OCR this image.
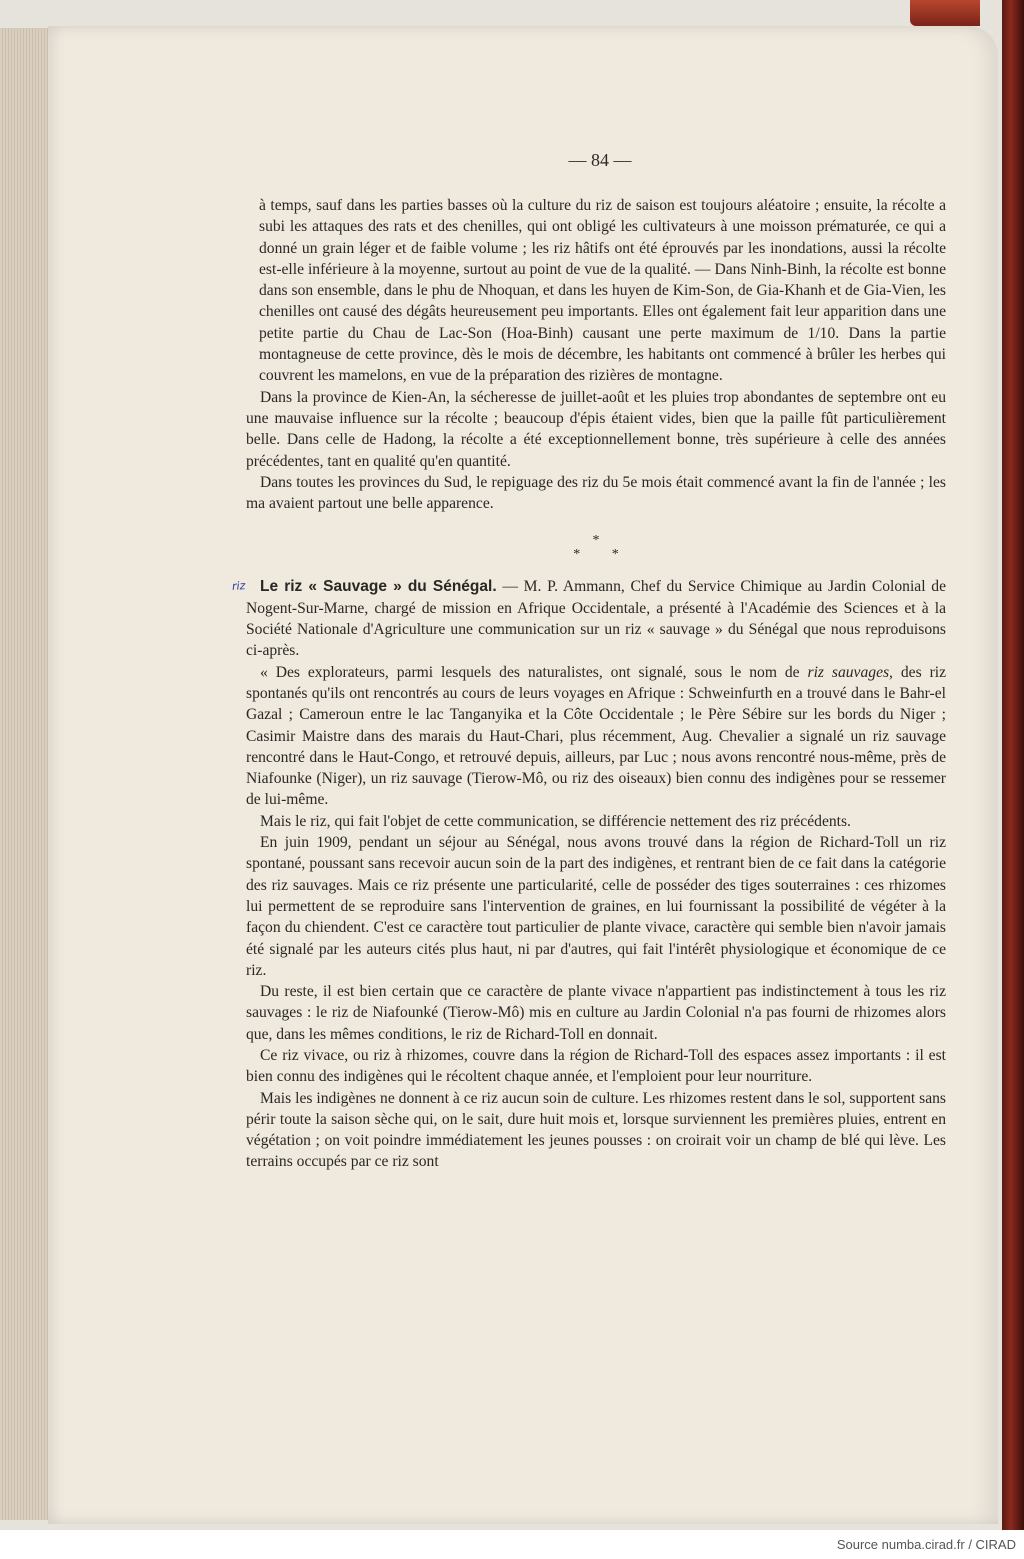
— 84 —

à temps, sauf dans les parties basses où la culture du riz de saison est toujours aléatoire ; ensuite, la récolte a subi les attaques des rats et des chenilles, qui ont obligé les cultivateurs à une moisson prématurée, ce qui a donné un grain léger et de faible volume ; les riz hâtifs ont été éprouvés par les inondations, aussi la récolte est-elle inférieure à la moyenne, surtout au point de vue de la qualité. — Dans Ninh-Binh, la récolte est bonne dans son ensemble, dans le phu de Nhoquan, et dans les huyen de Kim-Son, de Gia-Khanh et de Gia-Vien, les chenilles ont causé des dégâts heureusement peu importants. Elles ont également fait leur apparition dans une petite partie du Chau de Lac-Son (Hoa-Binh) causant une perte maximum de 1/10. Dans la partie montagneuse de cette province, dès le mois de décembre, les habitants ont commencé à brûler les herbes qui couvrent les mamelons, en vue de la préparation des rizières de montagne.

Dans la province de Kien-An, la sécheresse de juillet-août et les pluies trop abondantes de septembre ont eu une mauvaise influence sur la récolte ; beaucoup d'épis étaient vides, bien que la paille fût particulièrement belle. Dans celle de Hadong, la récolte a été exceptionnellement bonne, très supérieure à celle des années précédentes, tant en qualité qu'en quantité.

Dans toutes les provinces du Sud, le repiguage des riz du 5e mois était commencé avant la fin de l'année ; les ma avaient partout une belle apparence.

*
* *

riz Le riz « Sauvage » du Sénégal. — M. P. Ammann, Chef du Service Chimique au Jardin Colonial de Nogent-Sur-Marne, chargé de mission en Afrique Occidentale, a présenté à l'Académie des Sciences et à la Société Nationale d'Agriculture une communication sur un riz « sauvage » du Sénégal que nous reproduisons ci-après.

« Des explorateurs, parmi lesquels des naturalistes, ont signalé, sous le nom de riz sauvages, des riz spontanés qu'ils ont rencontrés au cours de leurs voyages en Afrique : Schweinfurth en a trouvé dans le Bahr-el Gazal ; Cameroun entre le lac Tanganyika et la Côte Occidentale ; le Père Sébire sur les bords du Niger ; Casimir Maistre dans des marais du Haut-Chari, plus récemment, Aug. Chevalier a signalé un riz sauvage rencontré dans le Haut-Congo, et retrouvé depuis, ailleurs, par Luc ; nous avons rencontré nous-même, près de Niafounke (Niger), un riz sauvage (Tierow-Mô, ou riz des oiseaux) bien connu des indigènes pour se ressemer de lui-même.

Mais le riz, qui fait l'objet de cette communication, se différencie nettement des riz précédents.

En juin 1909, pendant un séjour au Sénégal, nous avons trouvé dans la région de Richard-Toll un riz spontané, poussant sans recevoir aucun soin de la part des indigènes, et rentrant bien de ce fait dans la catégorie des riz sauvages. Mais ce riz présente une particularité, celle de posséder des tiges souterraines : ces rhizomes lui permettent de se reproduire sans l'intervention de graines, en lui fournissant la possibilité de végéter à la façon du chiendent. C'est ce caractère tout particulier de plante vivace, caractère qui semble bien n'avoir jamais été signalé par les auteurs cités plus haut, ni par d'autres, qui fait l'intérêt physiologique et économique de ce riz.

Du reste, il est bien certain que ce caractère de plante vivace n'appartient pas indistinctement à tous les riz sauvages : le riz de Niafounké (Tierow-Mô) mis en culture au Jardin Colonial n'a pas fourni de rhizomes alors que, dans les mêmes conditions, le riz de Richard-Toll en donnait.

Ce riz vivace, ou riz à rhizomes, couvre dans la région de Richard-Toll des espaces assez importants : il est bien connu des indigènes qui le récoltent chaque année, et l'emploient pour leur nourriture.

Mais les indigènes ne donnent à ce riz aucun soin de culture. Les rhizomes restent dans le sol, supportent sans périr toute la saison sèche qui, on le sait, dure huit mois et, lorsque surviennent les premières pluies, entrent en végétation ; on voit poindre immédiatement les jeunes pousses : on croirait voir un champ de blé qui lève. Les terrains occupés par ce riz sont

Source numba.cirad.fr / CIRAD
